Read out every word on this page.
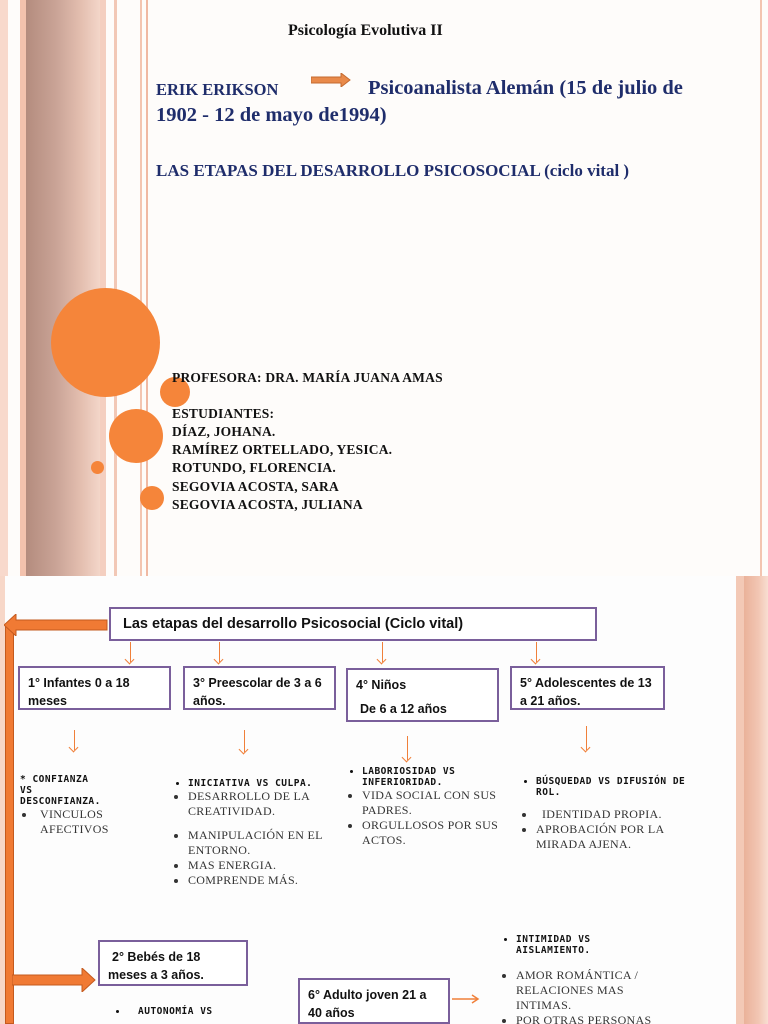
Psicología Evolutiva II
ERIK ERIKSON	Psicoanalista Alemán (15 de julio de
1902 - 12 de mayo de1994)
LAS ETAPAS DEL DESARROLLO PSICOSOCIAL (ciclo vital )
PROFESORA: DRA. MARÍA JUANA AMAS
ESTUDIANTES:
DÍAZ, JOHANA.
RAMÍREZ ORTELLADO, YESICA.
ROTUNDO, FLORENCIA.
SEGOVIA ACOSTA, SARA
SEGOVIA ACOSTA, JULIANA
Las etapas del desarrollo Psicosocial (Ciclo vital)
1° Infantes 0 a 18 meses
3° Preescolar de 3 a 6 años.
4° Niños
De 6 a 12 años
5° Adolescentes de 13 a 21 años.
* CONFIANZA
VS
DESCONFIANZA.
• VINCULOS AFECTIVOS
• INICIATIVA VS CULPA.
• DESARROLLO DE LA CREATIVIDAD.
• MANIPULACIÓN EN EL ENTORNO.
• MAS ENERGIA.
• COMPRENDE MÁS.
• LABORIOSIDAD VS INFERIORIDAD.
• VIDA SOCIAL CON SUS PADRES.
• ORGULLOSOS POR SUS ACTOS.
• BÚSQUEDAD VS DIFUSIÓN DE ROL.
• IDENTIDAD PROPIA.
• APROBACIÓN POR LA MIRADA AJENA.
2° Bebés de 18 meses a 3 años.
• AUTONOMÍA VS
6° Adulto joven 21 a 40 años
• INTIMIDAD VS AISLAMIENTO.
• AMOR ROMÁNTICA / RELACIONES MAS INTIMAS.
• POR OTRAS PERSONAS
